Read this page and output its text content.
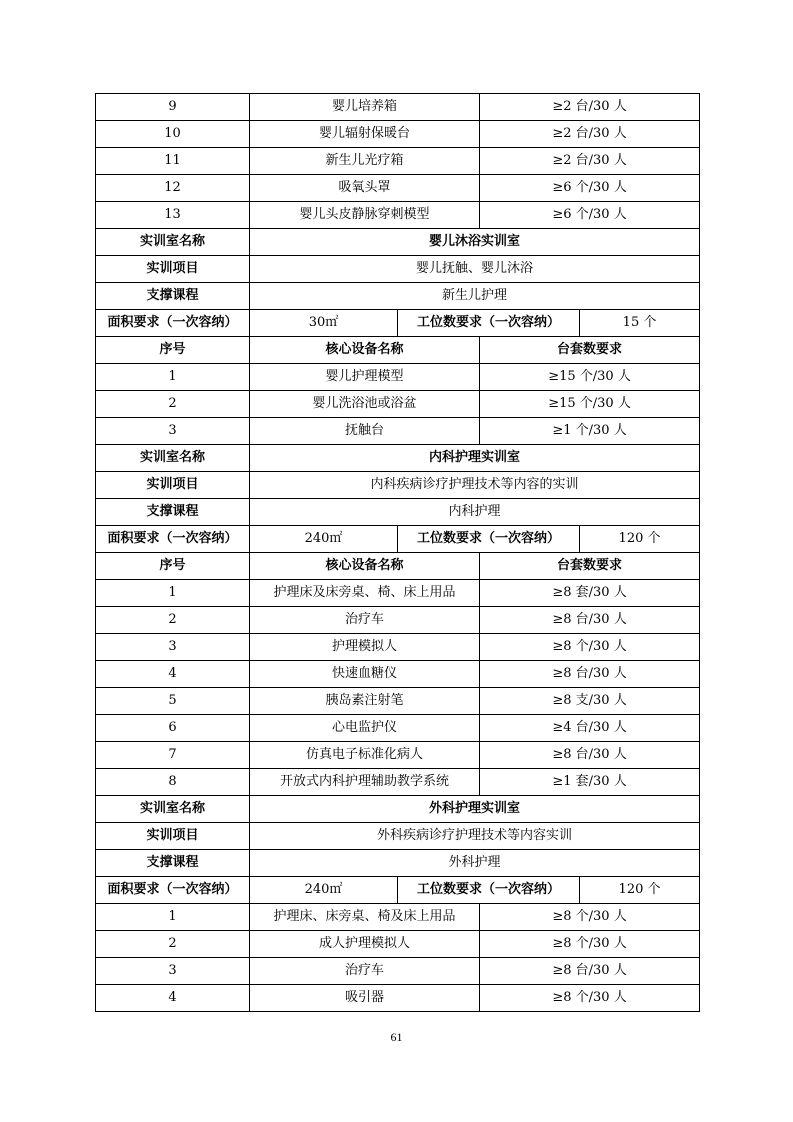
9	婴儿培养箱		≥2 台/30 人	
10	婴儿辐射保暖台		≥2 台/30 人	
11	新生儿光疗箱		≥2 台/30 人	
12	吸氧头罩		≥6 个/30 人	
13	婴儿头皮静脉穿刺模型		≥6 个/30 人	
实训室名称	婴儿沐浴实训室			
实训项目	婴儿抚触、婴儿沐浴			
支撑课程	新生儿护理			
面积要求（一次容纳）	30㎡	工位数要求（一次容纳）		15 个
序号	核心设备名称		台套数要求	
1	婴儿护理模型		≥15 个/30 人	
2	婴儿洗浴池或浴盆		≥15 个/30 人	
3	抚触台		≥1 个/30 人	
实训室名称	内科护理实训室			
实训项目	内科疾病诊疗护理技术等内容的实训			
支撑课程	内科护理			
面积要求（一次容纳）	240㎡	工位数要求（一次容纳）		120 个
序号	核心设备名称		台套数要求	
1	护理床及床旁桌、椅、床上用品		≥8 套/30 人	
2	治疗车		≥8 台/30 人	
3	护理模拟人		≥8 个/30 人	
4	快速血糖仪		≥8 台/30 人	
5	胰岛素注射笔		≥8 支/30 人	
6	心电监护仪		≥4 台/30 人	
7	仿真电子标准化病人		≥8 台/30 人	
8	开放式内科护理辅助教学系统		≥1 套/30 人	
实训室名称	外科护理实训室			
实训项目	外科疾病诊疗护理技术等内容实训			
支撑课程	外科护理			
面积要求（一次容纳）	240㎡	工位数要求（一次容纳）		120 个
1	护理床、床旁桌、椅及床上用品		≥8 个/30 人	
2	成人护理模拟人		≥8 个/30 人	
3	治疗车		≥8 台/30 人	
4	吸引器		≥8 个/30 人	
61
